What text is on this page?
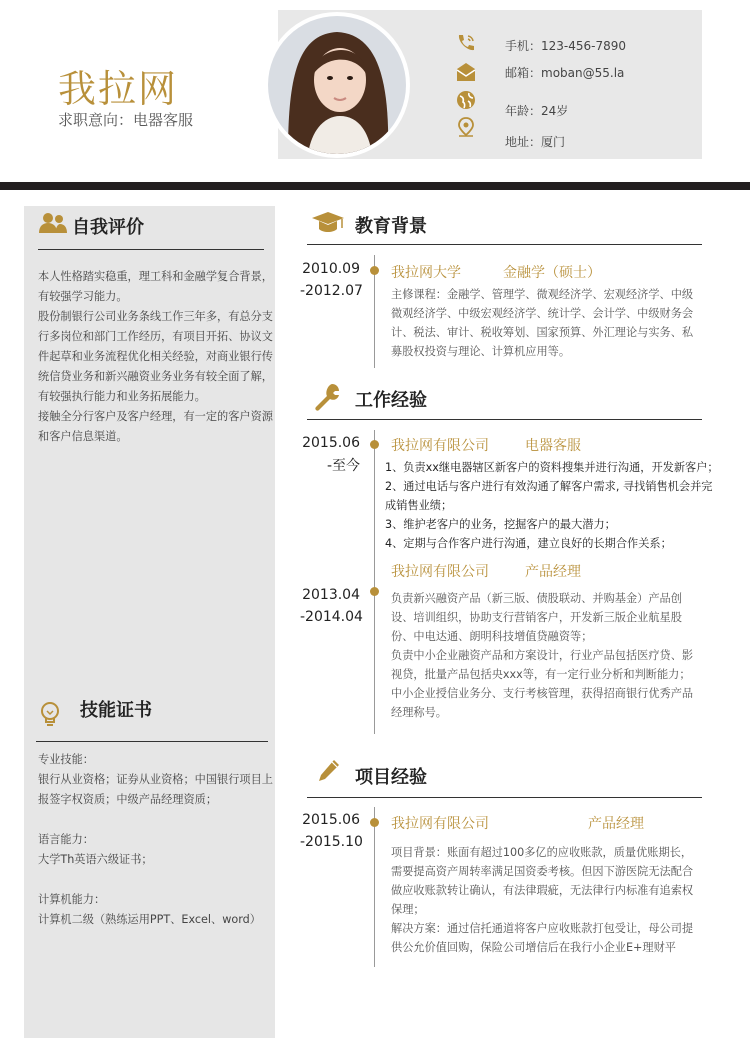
我拉网
求职意向：电器客服
手机：123-456-7890
邮箱：moban@55.la
年龄：24岁
地址：厦门
自我评价
本人性格踏实稳重，理工科和金融学复合背景，有较强学习能力。
股份制银行公司业务条线工作三年多，有总分支行多岗位和部门工作经历，有项目开拓、协议文件起草和业务流程优化相关经验，对商业银行传统信贷业务和新兴融资业务业务有较全面了解，有较强执行能力和业务拓展能力。
接触全分行客户及客户经理，有一定的客户资源和客户信息渠道。
技能证书
专业技能：
银行从业资格；证券从业资格；中国银行项目上报签字权资质；中级产品经理资质；

语言能力：
大学Th英语六级证书；

计算机能力：
计算机二级（熟练运用PPT、Excel、word）
教育背景
2010.09
-2012.07
我拉网大学	金融学（硕士）
主修课程：金融学、管理学、微观经济学、宏观经济学、中级微观经济学、中级宏观经济学、统计学、会计学、中级财务会计、税法、审计、税收筹划、国家预算、外汇理论与实务、私募股权投资与理论、计算机应用等。
工作经验
2015.06
-至今
我拉网有限公司	电器客服
1、负责xx继电器辖区新客户的资料搜集并进行沟通，开发新客户；
2、通过电话与客户进行有效沟通了解客户需求, 寻找销售机会并完成销售业绩；
3、维护老客户的业务，挖掘客户的最大潜力；
4、定期与合作客户进行沟通，建立良好的长期合作关系；
2013.04
-2014.04
我拉网有限公司	产品经理
负责新兴融资产品（新三版、债股联动、并购基金）产品创设、培训组织，协助支行营销客户，开发新三版企业航星股份、中电达通、朗明科技增值贷融资等；
负责中小企业融资产品和方案设计，行业产品包括医疗贷、影视贷，批量产品包括央xxx等，有一定行业分析和判断能力；
中小企业授信业务分、支行考核管理，获得招商银行优秀产品经理称号。
项目经验
2015.06
-2015.10
我拉网有限公司	产品经理
项目背景：账面有超过100多亿的应收账款，质量优账期长，需要提高资产周转率满足国资委考核。但因下游医院无法配合做应收账款转让确认，有法律瑕疵，无法律行内标准有追索权保理；
解决方案：通过信托通道将客户应收账款打包受让，母公司提供公允价值回购，保险公司增信后在我行小企业E+理财平
